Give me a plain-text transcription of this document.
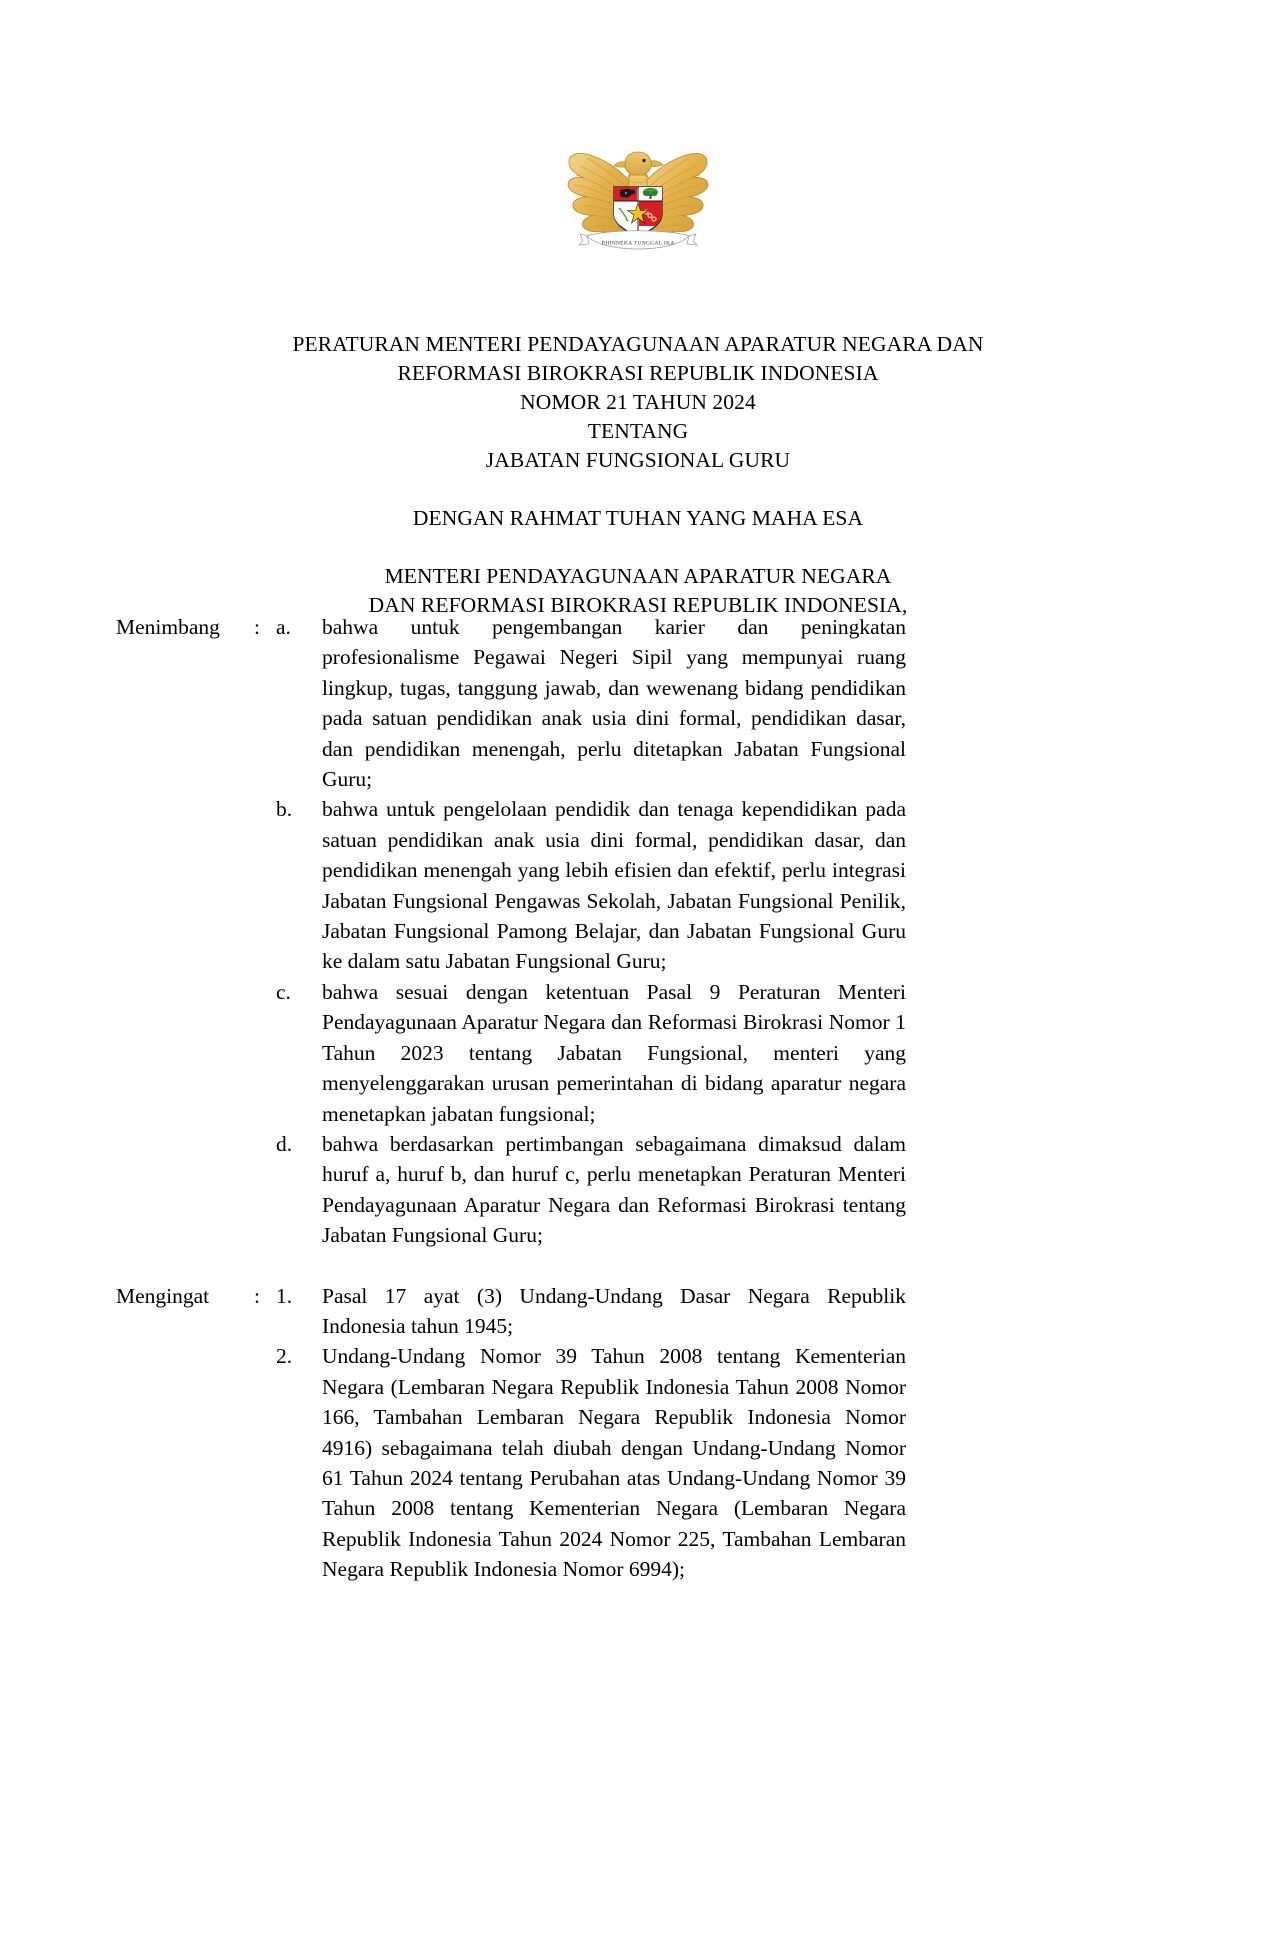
BHINNEKA TUNGGAL IKA
PERATURAN MENTERI PENDAYAGUNAAN APARATUR NEGARA DAN
REFORMASI BIROKRASI REPUBLIK INDONESIA
NOMOR 21 TAHUN 2024
TENTANG
JABATAN FUNGSIONAL GURU
DENGAN RAHMAT TUHAN YANG MAHA ESA
MENTERI PENDAYAGUNAAN APARATUR NEGARA
DAN REFORMASI BIROKRASI REPUBLIK INDONESIA,
Menimbang	: a.	bahwa untuk pengembangan karier dan peningkatan profesionalisme Pegawai Negeri Sipil yang mempunyai ruang lingkup, tugas, tanggung jawab, dan wewenang bidang pendidikan pada satuan pendidikan anak usia dini formal, pendidikan dasar, dan pendidikan menengah, perlu ditetapkan Jabatan Fungsional Guru;
b.	bahwa untuk pengelolaan pendidik dan tenaga kependidikan pada satuan pendidikan anak usia dini formal, pendidikan dasar, dan pendidikan menengah yang lebih efisien dan efektif, perlu integrasi Jabatan Fungsional Pengawas Sekolah, Jabatan Fungsional Penilik, Jabatan Fungsional Pamong Belajar, dan Jabatan Fungsional Guru ke dalam satu Jabatan Fungsional Guru;
c.	bahwa sesuai dengan ketentuan Pasal 9 Peraturan Menteri Pendayagunaan Aparatur Negara dan Reformasi Birokrasi Nomor 1 Tahun 2023 tentang Jabatan Fungsional, menteri yang menyelenggarakan urusan pemerintahan di bidang aparatur negara menetapkan jabatan fungsional;
d.	bahwa berdasarkan pertimbangan sebagaimana dimaksud dalam huruf a, huruf b, dan huruf c, perlu menetapkan Peraturan Menteri Pendayagunaan Aparatur Negara dan Reformasi Birokrasi tentang Jabatan Fungsional Guru;
Mengingat	: 1.	Pasal 17 ayat (3) Undang-Undang Dasar Negara Republik Indonesia tahun 1945;
2.	Undang-Undang Nomor 39 Tahun 2008 tentang Kementerian Negara (Lembaran Negara Republik Indonesia Tahun 2008 Nomor 166, Tambahan Lembaran Negara Republik Indonesia Nomor 4916) sebagaimana telah diubah dengan Undang-Undang Nomor 61 Tahun 2024 tentang Perubahan atas Undang-Undang Nomor 39 Tahun 2008 tentang Kementerian Negara (Lembaran Negara Republik Indonesia Tahun 2024 Nomor 225, Tambahan Lembaran Negara Republik Indonesia Nomor 6994);
